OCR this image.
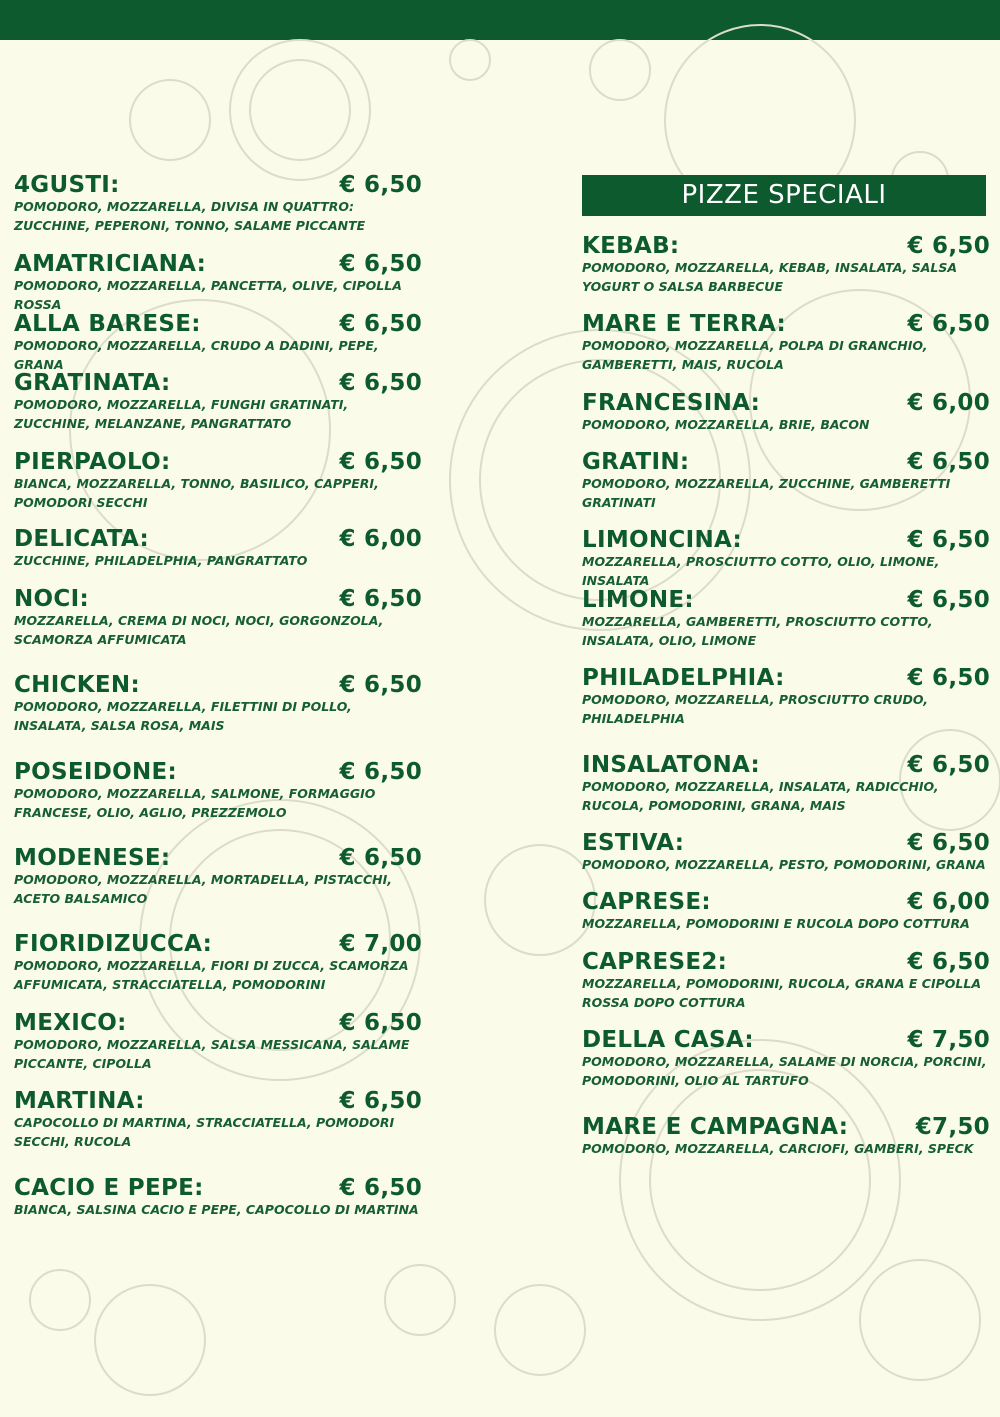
4GUSTI:	€ 6,50
POMODORO, MOZZARELLA, DIVISA IN QUATTRO: ZUCCHINE, PEPERONI, TONNO, SALAME PICCANTE
AMATRICIANA:	€ 6,50
POMODORO, MOZZARELLA, PANCETTA, OLIVE, CIPOLLA ROSSA
ALLA BARESE:	€ 6,50
POMODORO, MOZZARELLA, CRUDO A DADINI, PEPE, GRANA
GRATINATA:	€ 6,50
POMODORO, MOZZARELLA, FUNGHI GRATINATI, ZUCCHINE, MELANZANE, PANGRATTATO
PIERPAOLO:	€ 6,50
BIANCA, MOZZARELLA, TONNO, BASILICO, CAPPERI, POMODORI SECCHI
DELICATA:	€ 6,00
ZUCCHINE, PHILADELPHIA, PANGRATTATO
NOCI:	€ 6,50
MOZZARELLA, CREMA DI NOCI, NOCI, GORGONZOLA, SCAMORZA AFFUMICATA
CHICKEN:	€ 6,50
POMODORO, MOZZARELLA, FILETTINI DI POLLO, INSALATA, SALSA ROSA, MAIS
POSEIDONE:	€ 6,50
POMODORO, MOZZARELLA, SALMONE, FORMAGGIO FRANCESE, OLIO, AGLIO, PREZZEMOLO
MODENESE:	€ 6,50
POMODORO, MOZZARELLA, MORTADELLA, PISTACCHI, ACETO BALSAMICO
FIORIDIZUCCA:	€ 7,00
POMODORO, MOZZARELLA, FIORI DI ZUCCA, SCAMORZA AFFUMICATA, STRACCIATELLA, POMODORINI
MEXICO:	€ 6,50
POMODORO, MOZZARELLA, SALSA MESSICANA, SALAME PICCANTE, CIPOLLA
MARTINA:	€ 6,50
CAPOCOLLO DI MARTINA, STRACCIATELLA, POMODORI SECCHI, RUCOLA
CACIO E PEPE:	€ 6,50
BIANCA, SALSINA CACIO E PEPE, CAPOCOLLO DI MARTINA
PIZZE SPECIALI
KEBAB:	€ 6,50
POMODORO, MOZZARELLA, KEBAB, INSALATA, SALSA YOGURT O SALSA BARBECUE
MARE E TERRA:	€ 6,50
POMODORO, MOZZARELLA, POLPA DI GRANCHIO, GAMBERETTI, MAIS, RUCOLA
FRANCESINA:	€ 6,00
POMODORO, MOZZARELLA, BRIE, BACON
GRATIN:	€ 6,50
POMODORO, MOZZARELLA, ZUCCHINE, GAMBERETTI GRATINATI
LIMONCINA:	€ 6,50
MOZZARELLA, PROSCIUTTO COTTO, OLIO, LIMONE, INSALATA
LIMONE:	€ 6,50
MOZZARELLA, GAMBERETTI, PROSCIUTTO COTTO, INSALATA, OLIO, LIMONE
PHILADELPHIA:	€ 6,50
POMODORO, MOZZARELLA, PROSCIUTTO CRUDO, PHILADELPHIA
INSALATONA:	€ 6,50
POMODORO, MOZZARELLA, INSALATA, RADICCHIO, RUCOLA, POMODORINI, GRANA, MAIS
ESTIVA:	€ 6,50
POMODORO, MOZZARELLA, PESTO, POMODORINI, GRANA
CAPRESE:	€ 6,00
MOZZARELLA, POMODORINI E RUCOLA DOPO COTTURA
CAPRESE2:	€ 6,50
MOZZARELLA, POMODORINI, RUCOLA, GRANA E CIPOLLA ROSSA DOPO COTTURA
DELLA CASA:	€ 7,50
POMODORO, MOZZARELLA, SALAME DI NORCIA, PORCINI, POMODORINI, OLIO AL TARTUFO
MARE E CAMPAGNA:	€7,50
POMODORO, MOZZARELLA, CARCIOFI, GAMBERI, SPECK
